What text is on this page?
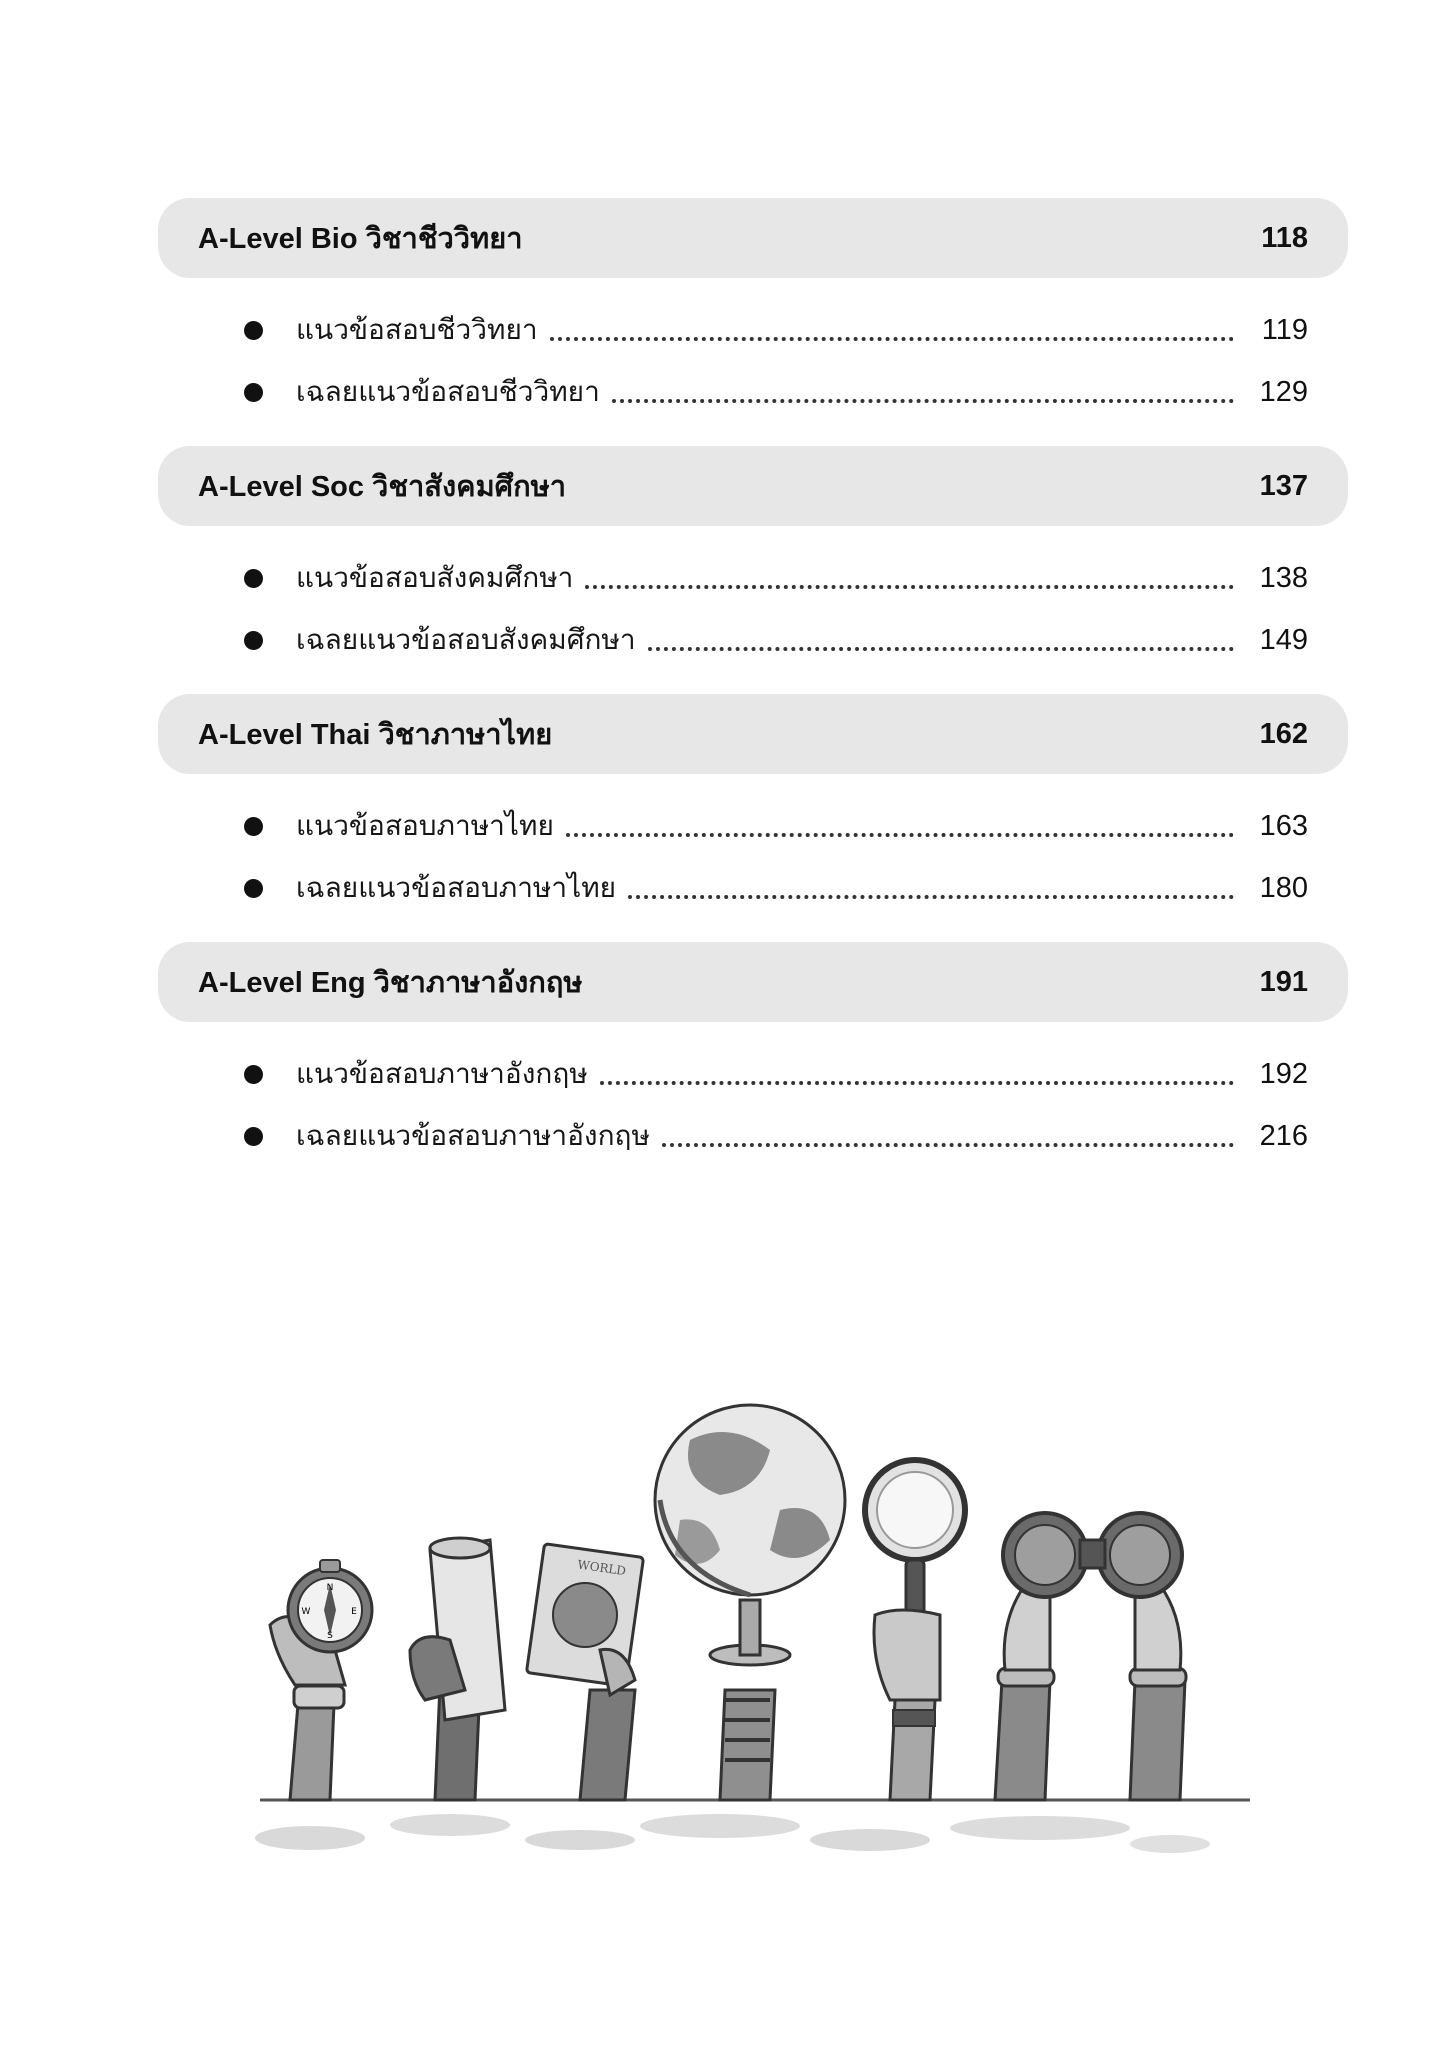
A-Level Bio วิชาชีววิทยา	118
แนวข้อสอบชีววิทยา	119
เฉลยแนวข้อสอบชีววิทยา	129
A-Level Soc วิชาสังคมศึกษา	137
แนวข้อสอบสังคมศึกษา	138
เฉลยแนวข้อสอบสังคมศึกษา	149
A-Level Thai วิชาภาษาไทย	162
แนวข้อสอบภาษาไทย	163
เฉลยแนวข้อสอบภาษาไทย	180
A-Level Eng วิชาภาษาอังกฤษ	191
แนวข้อสอบภาษาอังกฤษ	192
เฉลยแนวข้อสอบภาษาอังกฤษ	216
N
E
S
W
WORLD
